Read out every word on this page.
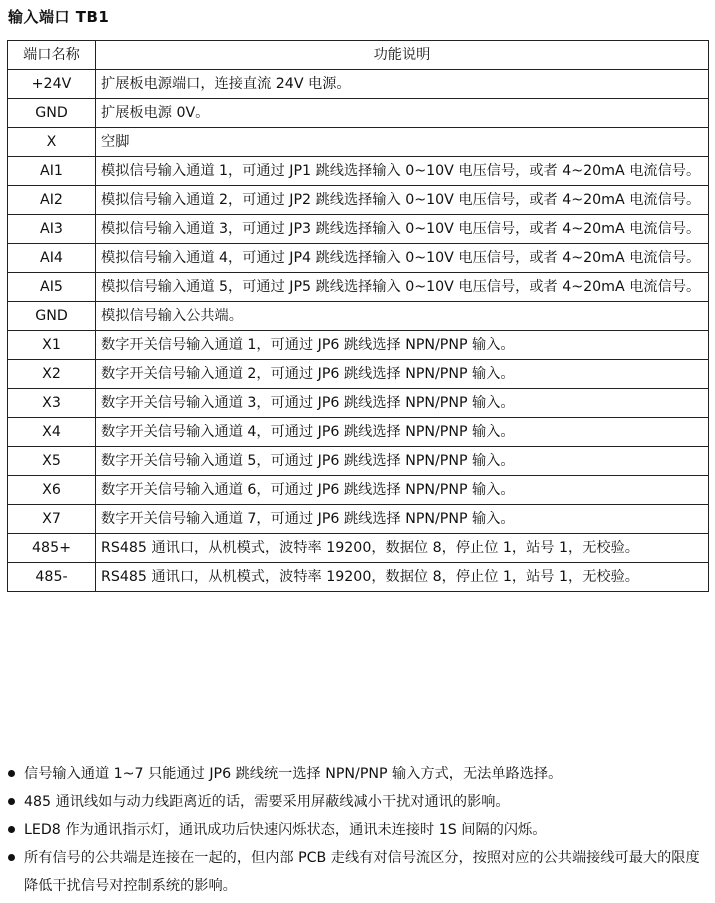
输入端口 TB1
端口名称	功能说明
+24V	扩展板电源端口，连接直流 24V 电源。
GND	扩展板电源 0V。
X	空脚
AI1	模拟信号输入通道 1，可通过 JP1 跳线选择输入 0~10V 电压信号，或者 4~20mA 电流信号。
AI2	模拟信号输入通道 2，可通过 JP2 跳线选择输入 0~10V 电压信号，或者 4~20mA 电流信号。
AI3	模拟信号输入通道 3，可通过 JP3 跳线选择输入 0~10V 电压信号，或者 4~20mA 电流信号。
AI4	模拟信号输入通道 4，可通过 JP4 跳线选择输入 0~10V 电压信号，或者 4~20mA 电流信号。
AI5	模拟信号输入通道 5，可通过 JP5 跳线选择输入 0~10V 电压信号，或者 4~20mA 电流信号。
GND	模拟信号输入公共端。
X1	数字开关信号输入通道 1，可通过 JP6 跳线选择 NPN/PNP 输入。
X2	数字开关信号输入通道 2，可通过 JP6 跳线选择 NPN/PNP 输入。
X3	数字开关信号输入通道 3，可通过 JP6 跳线选择 NPN/PNP 输入。
X4	数字开关信号输入通道 4，可通过 JP6 跳线选择 NPN/PNP 输入。
X5	数字开关信号输入通道 5，可通过 JP6 跳线选择 NPN/PNP 输入。
X6	数字开关信号输入通道 6，可通过 JP6 跳线选择 NPN/PNP 输入。
X7	数字开关信号输入通道 7，可通过 JP6 跳线选择 NPN/PNP 输入。
485+	RS485 通讯口，从机模式，波特率 19200，数据位 8，停止位 1，站号 1，无校验。
485-	RS485 通讯口，从机模式，波特率 19200，数据位 8，停止位 1，站号 1，无校验。
信号输入通道 1~7 只能通过 JP6 跳线统一选择 NPN/PNP 输入方式，无法单路选择。
485 通讯线如与动力线距离近的话，需要采用屏蔽线减小干扰对通讯的影响。
LED8 作为通讯指示灯，通讯成功后快速闪烁状态，通讯未连接时 1S 间隔的闪烁。
所有信号的公共端是连接在一起的，但内部 PCB 走线有对信号流区分，按照对应的公共端接线可最大的限度降低干扰信号对控制系统的影响。
